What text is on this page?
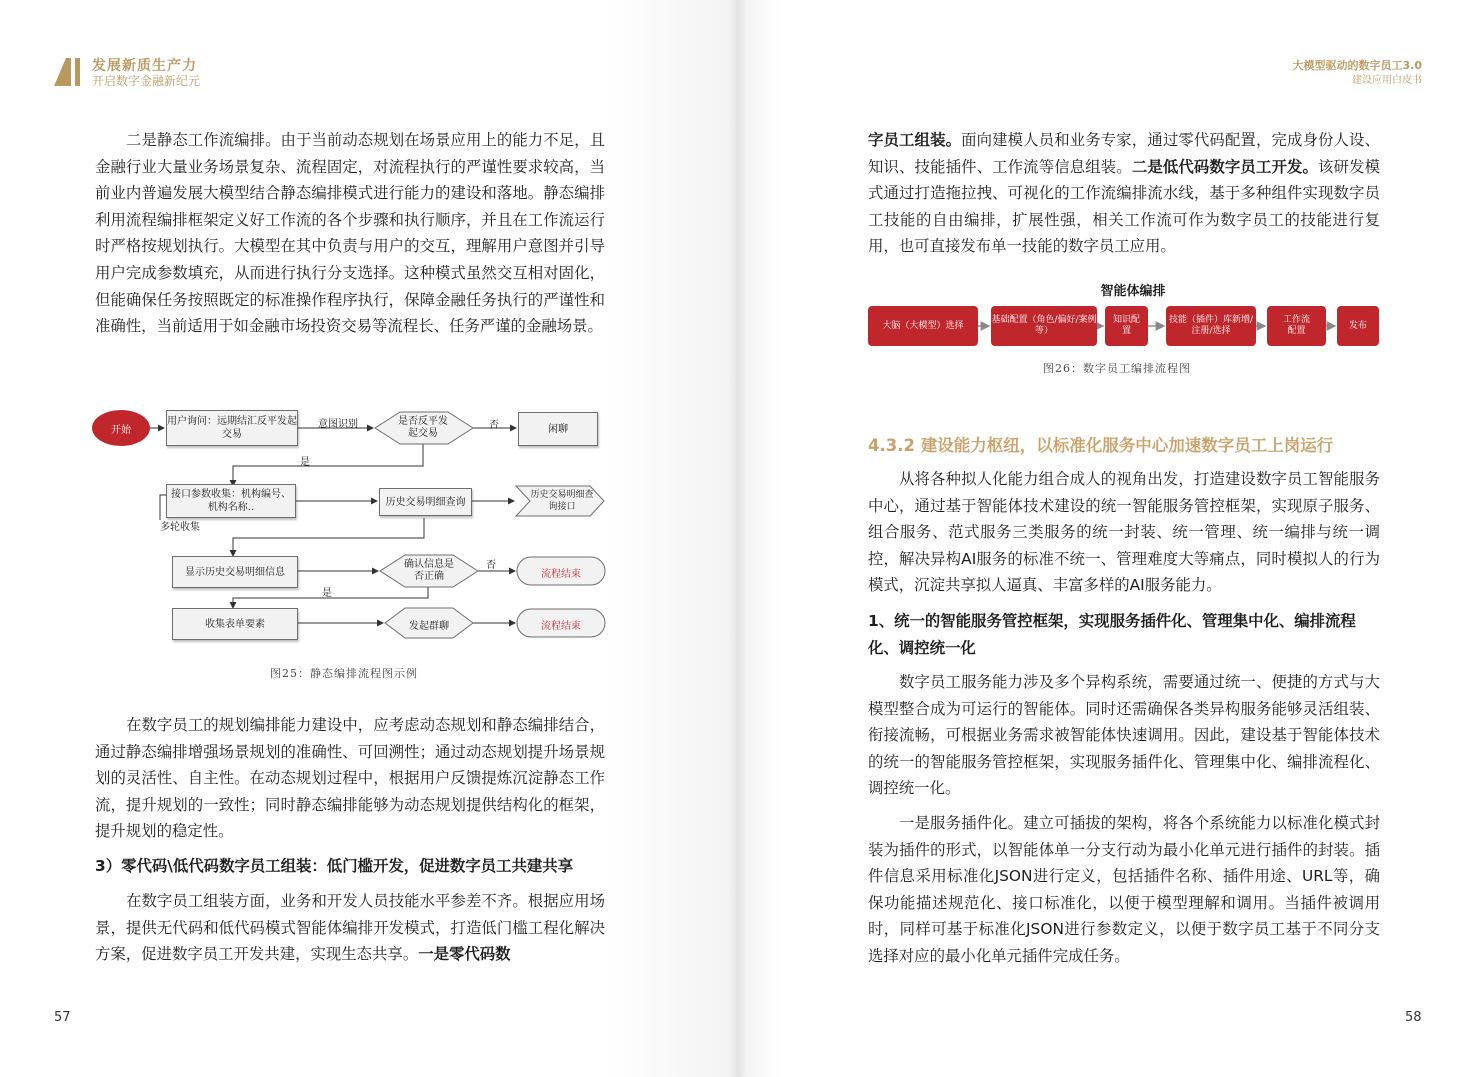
发展新质生产力
开启数字金融新纪元

二是静态工作流编排。由于当前动态规划在场景应用上的能力不足，且金融行业大量业务场景复杂、流程固定，对流程执行的严谨性要求较高，当前业内普遍发展大模型结合静态编排模式进行能力的建设和落地。静态编排利用流程编排框架定义好工作流的各个步骤和执行顺序，并且在工作流运行时严格按规划执行。大模型在其中负责与用户的交互，理解用户意图并引导用户完成参数填充，从而进行执行分支选择。这种模式虽然交互相对固化，但能确保任务按照既定的标准操作程序执行，保障金融任务执行的严谨性和准确性，当前适用于如金融市场投资交易等流程长、任务严谨的金融场景。

开始
用户询问：远期结汇反平发起交易
意图识别	是否反平发起交易
否	闲聊
是
接口参数收集：机构编号、机构名称..
多轮收集
历史交易明细查询
历史交易明细查询接口
显示历史交易明细信息
确认信息是否正确
否
流程结束
是
收集表单要素	发起群聊	流程结束
图25：静态编排流程图示例

在数字员工的规划编排能力建设中，应考虑动态规划和静态编排结合，通过静态编排增强场景规划的准确性、可回溯性；通过动态规划提升场景规划的灵活性、自主性。在动态规划过程中，根据用户反馈提炼沉淀静态工作流，提升规划的一致性；同时静态编排能够为动态规划提供结构化的框架，提升规划的稳定性。

3）零代码\低代码数字员工组装：低门槛开发，促进数字员工共建共享

在数字员工组装方面，业务和开发人员技能水平参差不齐。根据应用场景，提供无代码和低代码模式智能体编排开发模式，打造低门槛工程化解决方案，促进数字员工开发共建，实现生态共享。一是零代码数

57
大模型驱动的数字员工3.0
建设应用白皮书

字员工组装。面向建模人员和业务专家，通过零代码配置，完成身份人设、知识、技能插件、工作流等信息组装。二是低代码数字员工开发。该研发模式通过打造拖拉拽、可视化的工作流编排流水线，基于多种组件实现数字员工技能的自由编排，扩展性强，相关工作流可作为数字员工的技能进行复用，也可直接发布单一技能的数字员工应用。

智能体编排
大脑（大模型）选择
基础配置（角色/偏好/案例等）
知识配置
技能（插件）库新增/注册/选择
工作流配置
发布
图26：数字员工编排流程图
4.3.2 建设能力枢纽，以标准化服务中心加速数字员工上岗运行

从将各种拟人化能力组合成人的视角出发，打造建设数字员工智能服务中心，通过基于智能体技术建设的统一智能服务管控框架，实现原子服务、组合服务、范式服务三类服务的统一封装、统一管理、统一编排与统一调控，解决异构AI服务的标准不统一、管理难度大等痛点，同时模拟人的行为模式，沉淀共享拟人逼真、丰富多样的AI服务能力。

1、统一的智能服务管控框架，实现服务插件化、管理集中化、编排流程化、调控统一化

数字员工服务能力涉及多个异构系统，需要通过统一、便捷的方式与大模型整合成为可运行的智能体。同时还需确保各类异构服务能够灵活组装、衔接流畅，可根据业务需求被智能体快速调用。因此，建设基于智能体技术的统一的智能服务管控框架，实现服务插件化、管理集中化、编排流程化、调控统一化。

一是服务插件化。建立可插拔的架构，将各个系统能力以标准化模式封装为插件的形式，以智能体单一分支行动为最小化单元进行插件的封装。插件信息采用标准化JSON进行定义，包括插件名称、插件用途、URL等，确保功能描述规范化、接口标准化，以便于模型理解和调用。当插件被调用时，同样可基于标准化JSON进行参数定义，以便于数字员工基于不同分支选择对应的最小化单元插件完成任务。

58
